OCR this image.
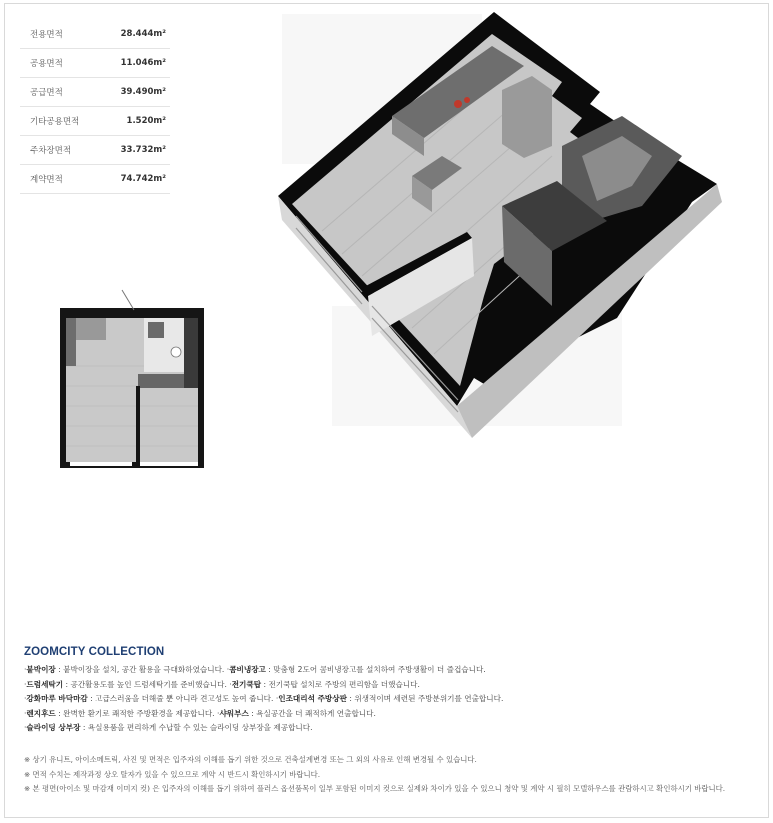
전용면적	28.444m²
공용면적	11.046m²
공급면적	39.490m²
기타공용면적	1.520m²
주차장면적	33.732m²
계약면적	74.742m²
ZOOMCITY COLLECTION
·붙박이장 : 붙박이장을 설치, 공간 활용을 극대화하였습니다. ·콤비냉장고 : 맞춤형 2도어 콤비냉장고를 설치하여 주방생활이 더 즐겁습니다.
·드럼세탁기 : 공간활용도를 높인 드럼세탁기를 준비했습니다. ·전기쿡탑 : 전기쿡탑 설치로 주방의 편리함을 더했습니다.
·강화마루 바닥마감 : 고급스러움을 더해줄 뿐 아니라 견고성도 높여 줍니다. ·인조대리석 주방상판 : 위생적이며 세련된 주방분위기를 연출합니다.
·렌지후드 : 완벽한 환기로 쾌적한 주방환경을 제공합니다. ·샤워부스 : 욕실공간을 더 쾌적하게 연출합니다.
·슬라이딩 상부장 : 욕실용품을 편리하게 수납할 수 있는 슬라이딩 상부장을 제공합니다.
※ 상기 유니트, 아이소메트릭, 사진 및 면적은 입주자의 이해를 돕기 위한 것으로 건축설계변경 또는 그 외의 사유로 인해 변경될 수 있습니다.
※ 면적 수치는 제작과정 상오 탈자가 있을 수 있으므로 계약 시 반드시 확인하시기 바랍니다.
※ 본 평면(아이소 및 마감재 이미지 컷) 은 입주자의 이해를 돕기 위하여 플러스 옵션품목이 일부 포함된 이미지 컷으로 실제와 차이가 있을 수 있으니 청약 및 계약 시 필히 모델하우스를 관람하시고 확인하시기 바랍니다.
